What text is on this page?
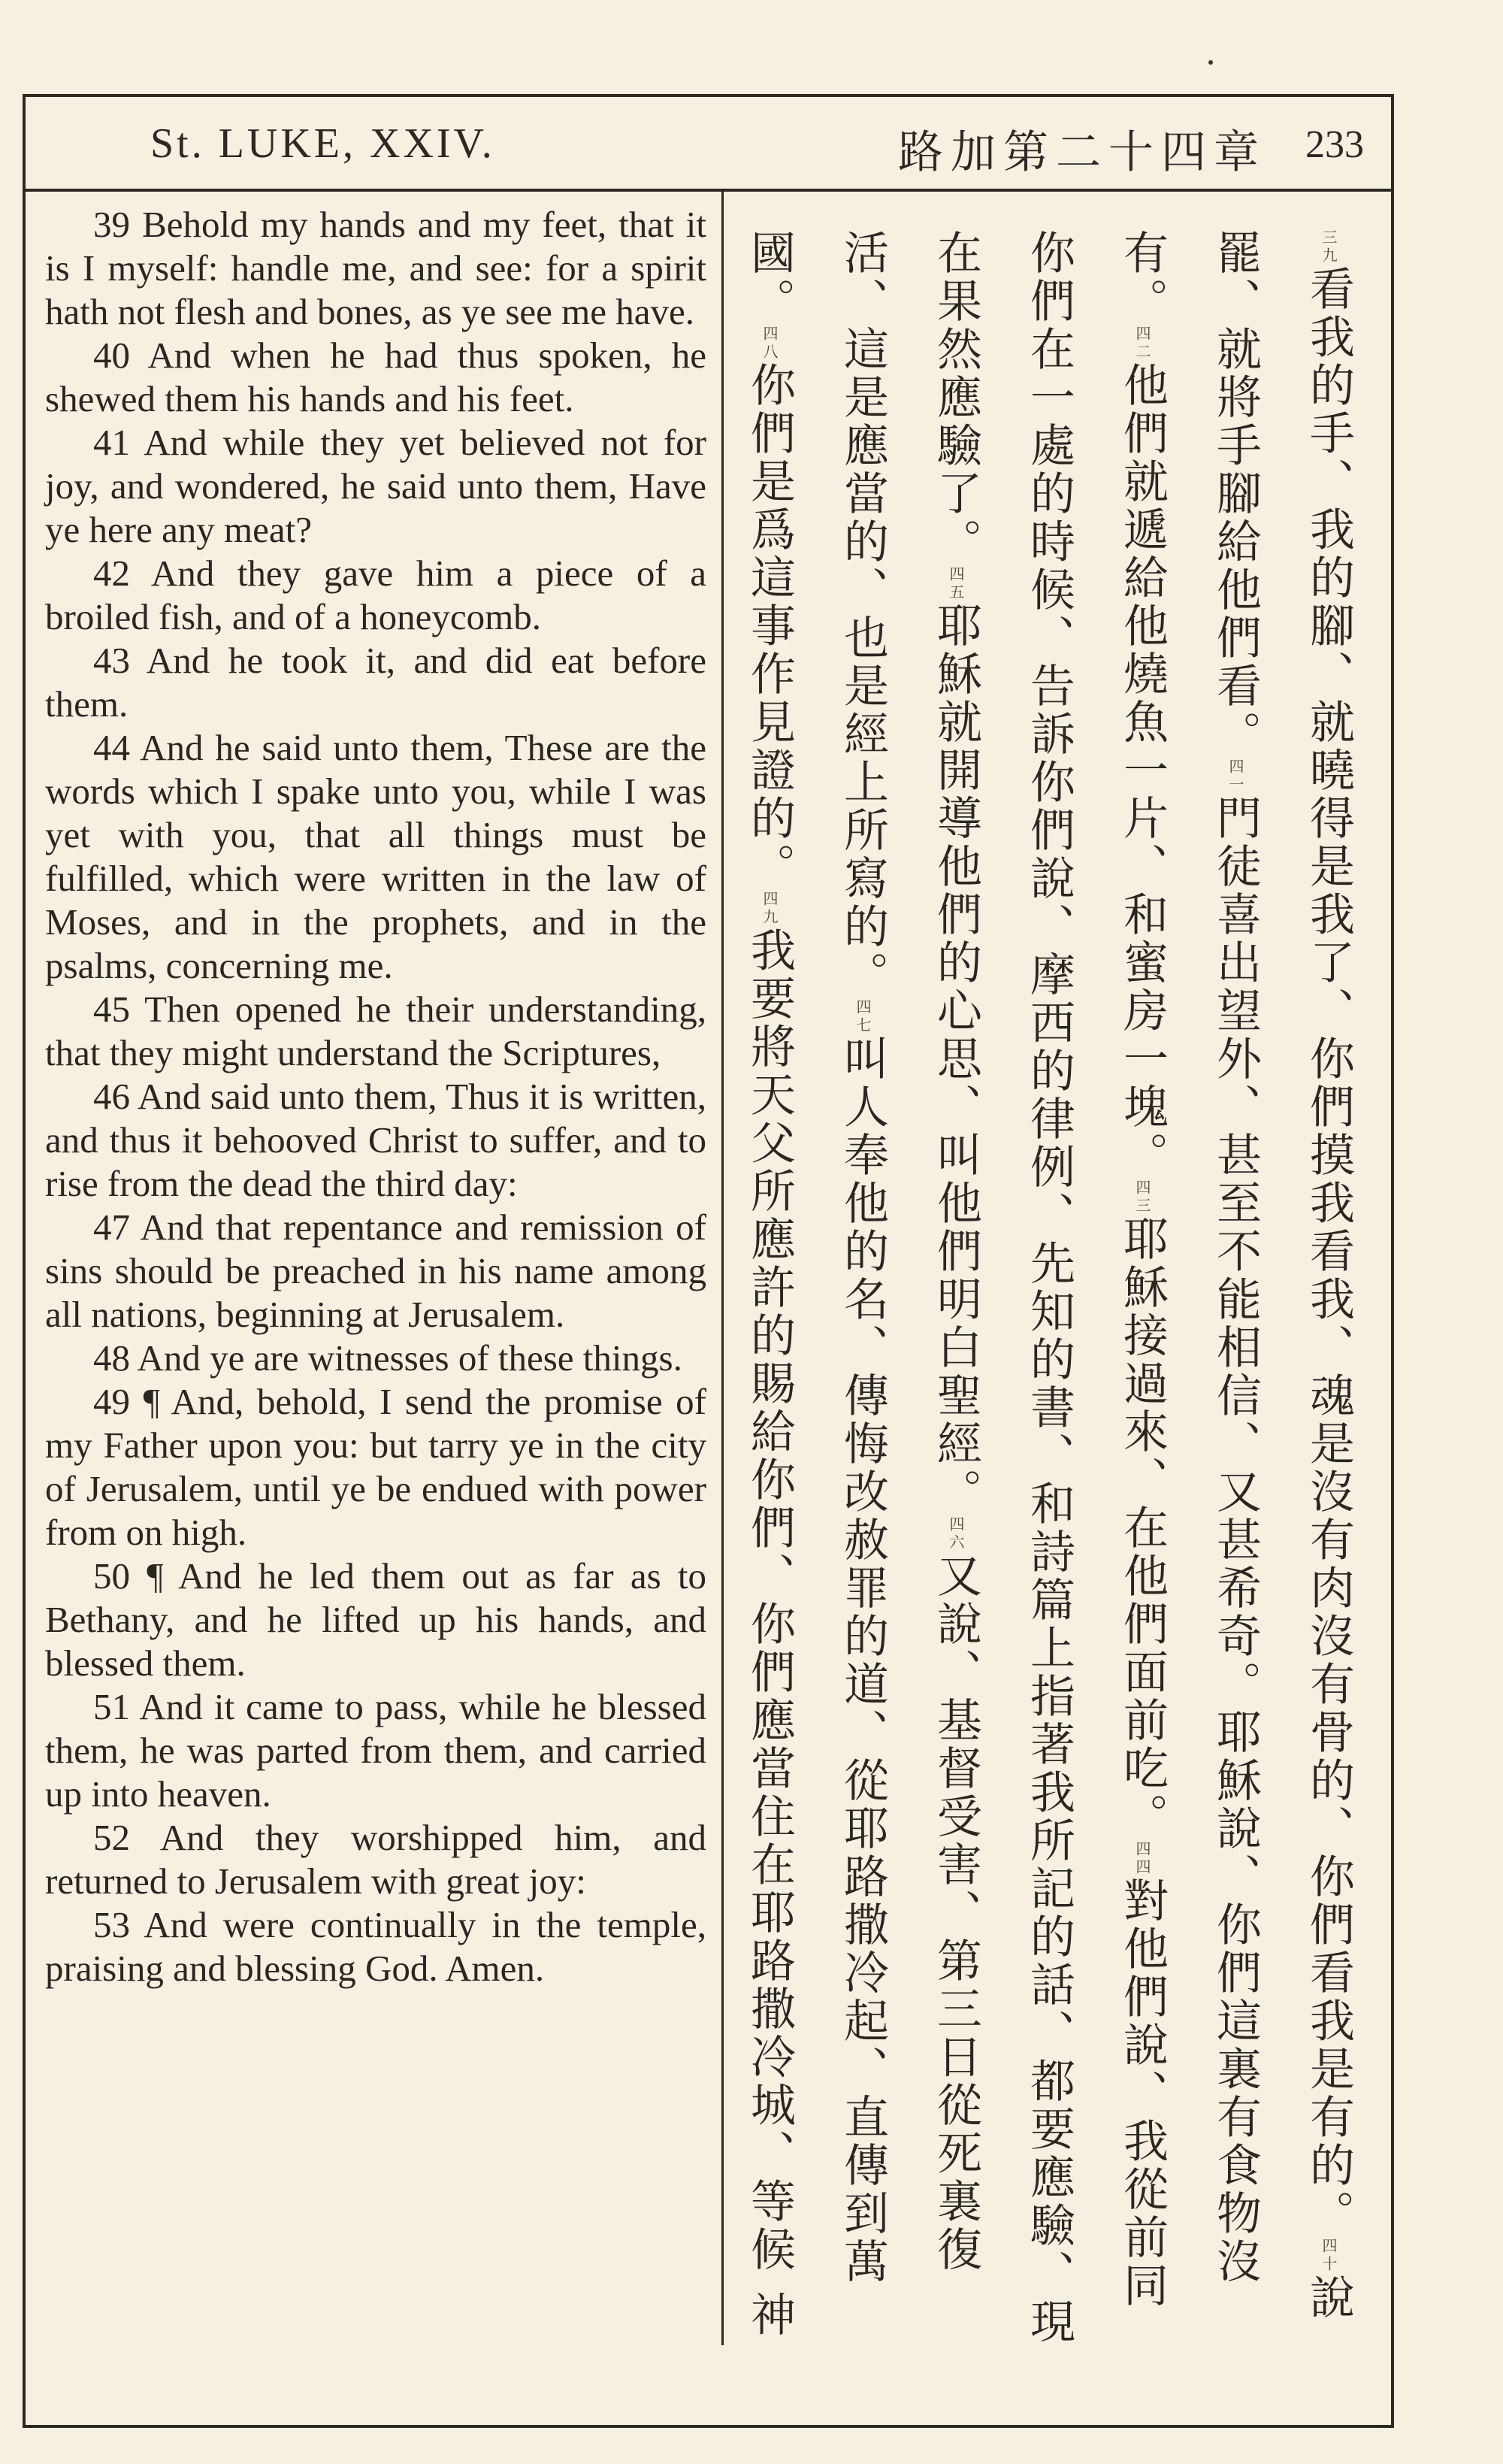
St. LUKE, XXIV.	路加第二十四章 233

39 Behold my hands and my feet, that it is I myself: handle me, and see: for a spirit hath not flesh and bones, as ye see me have.

40 And when he had thus spoken, he shewed them his hands and his feet.

41 And while they yet believed not for joy, and wondered, he said unto them, Have ye here any meat?

42 And they gave him a piece of a broiled fish, and of a honeycomb.

43 And he took it, and did eat before them.

44 And he said unto them, These are the words which I spake unto you, while I was yet with you, that all things must be fulfilled, which were written in the law of Moses, and in the prophets, and in the psalms, concerning me.

45 Then opened he their understanding, that they might understand the Scriptures,

46 And said unto them, Thus it is written, and thus it behooved Christ to suffer, and to rise from the dead the third day:

47 And that repentance and remission of sins should be preached in his name among all nations, beginning at Jerusalem.

48 And ye are witnesses of these things.

49 ¶ And, behold, I send the promise of my Father upon you: but tarry ye in the city of Jerusalem, until ye be endued with power from on high.

50 ¶ And he led them out as far as to Bethany, and he lifted up his hands, and blessed them.

51 And it came to pass, while he blessed them, he was parted from them, and carried up into heaven.

52 And they worshipped him, and returned to Jerusalem with great joy:

53 And were continually in the temple, praising and blessing God. Amen.

三九看我的手、我的腳、就曉得是我了、你們摸我看我、魂是沒有肉沒有骨的、你們看我是有的。四十說罷、就將手腳給他們看。四一門徒喜出望外、甚至不能相信、又甚希奇。耶穌說、你們這裏有食物沒有。四二他們就遞給他燒魚一片、和蜜房一塊。四三耶穌接過來、在他們面前吃。四四對他們說、我從前同你們在一處的時候、告訴你們說、摩西的律例、先知的書、和詩篇上指著我所記的話、都要應驗、現在果然應驗了。四五耶穌就開導他們的心思、叫他們明白聖經。四六又說、基督受害、第三日從死裏復活、這是應當的、也是經上所寫的。四七叫人奉他的名、傳悔改赦罪的道、從耶路撒冷起、直傳到萬國。四八你們是爲這事作見證的。四九我要將天父所應許的賜給你們、你們應當住在耶路撒冷城、等候 神
